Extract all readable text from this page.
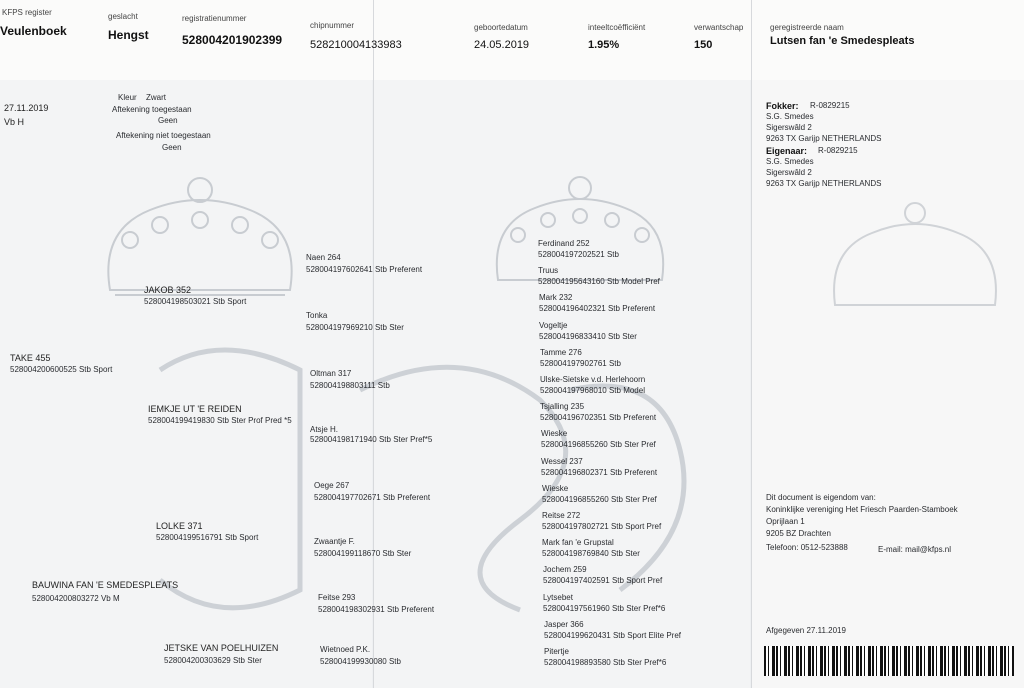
KFPS register
Veulenboek
geslacht
Hengst
registratienummer
528004201902399
chipnummer
528210004133983
geboortedatum
24.05.2019
inteeltcoëfficiënt
1.95%
verwantschap
150
geregistreerde naam
Lutsen fan 'e Smedespleats
27.11.2019
Vb H
Kleur Zwart
Aftekening toegestaan
Geen
Aftekening niet toegestaan
Geen
TAKE 455
528004200600525 Stb Sport
BAUWINA FAN 'E SMEDESPLEATS
528004200803272 Vb M
JAKOB 352
528004198503021 Stb Sport
IEMKJE UT 'E REIDEN
528004199419830 Stb Ster Prof Pred *5
LOLKE 371
528004199516791 Stb Sport
JETSKE VAN POELHUIZEN
528004200303629 Stb Ster
Naen 264
528004197602641 Stb Preferent
Tonka
528004197969210 Stb Ster
Oltman 317
528004198803111 Stb
Atsje H.
528004198171940 Stb Ster Pref*5
Oege 267
528004197702671 Stb Preferent
Zwaantje F.
528004199118670 Stb Ster
Feitse 293
528004198302931 Stb Preferent
Wietnoed P.K.
528004199930080 Stb
Ferdinand 252
528004197202521 Stb
Truus
528004195643160 Stb Model Pref
Mark 232
528004196402321 Stb Preferent
Vogeltje
528004196833410 Stb Ster
Tamme 276
528004197902761 Stb
Ulske-Sietske v.d. Herlehoorn
528004197968010 Stb Model
Tsjalling 235
528004196702351 Stb Preferent
Wieske
528004196855260 Stb Ster Pref
Wessel 237
528004196802371 Stb Preferent
Wieske
528004196855260 Stb Ster Pref
Reitse 272
528004197802721 Stb Sport Pref
Mark fan 'e Grupstal
528004198769840 Stb Ster
Jochem 259
528004197402591 Stb Sport Pref
Lytsebet
528004197561960 Stb Ster Pref*6
Jasper 366
528004199620431 Stb Sport Elite Pref
Pitertje
528004198893580 Stb Ster Pref*6
Fokker: R-0829215
S.G. Smedes
Sigerswâld 2
9263 TX Garijp NETHERLANDS
Eigenaar: R-0829215
S.G. Smedes
Sigerswâld 2
9263 TX Garijp NETHERLANDS
Dit document is eigendom van:
Koninklijke vereniging Het Friesch Paarden-Stamboek
Oprijlaan 1
9205 BZ Drachten
Telefoon: 0512-523888	E-mail: mail@kfps.nl
Afgegeven 27.11.2019
